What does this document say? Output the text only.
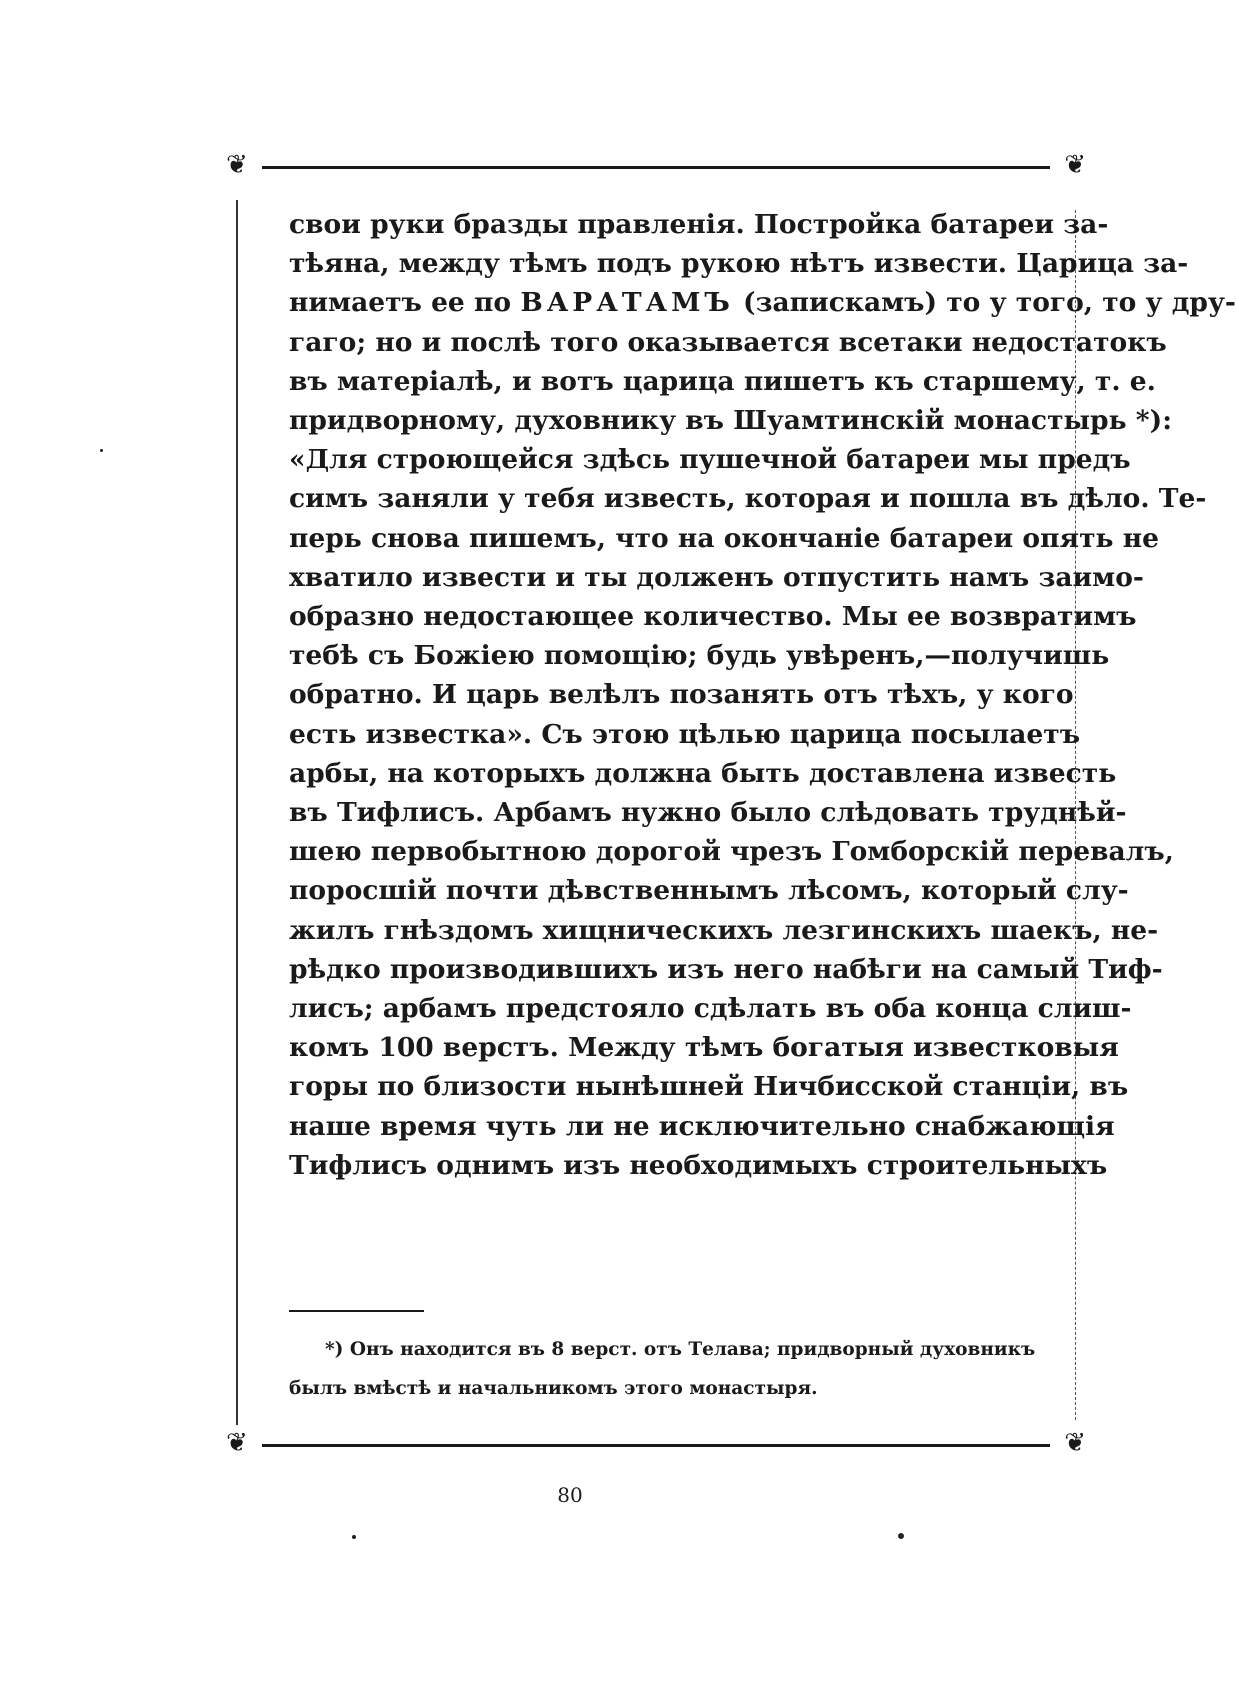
❦	❦
❦	❦
свои руки бразды правленія. Постройка батареи за-
тѣяна, между тѣмъ подъ рукою нѣтъ извести. Царица за-
нимаетъ ее по ВАРАТАМЪ (запискамъ) то у того, то у дру-
гаго; но и послѣ того оказывается всетаки недостатокъ
въ матеріалѣ, и вотъ царица пишетъ къ старшему, т. е.
придворному, духовнику въ Шуамтинскій монастырь *):
«Для строющейся здѣсь пушечной батареи мы предъ
симъ заняли у тебя известь, которая и пошла въ дѣло. Те-
перь снова пишемъ, что на окончаніе батареи опять не
хватило извести и ты долженъ отпустить намъ заимо-
образно недостающее количество. Мы ее возвратимъ
тебѣ съ Божіею помощію; будь увѣренъ,—получишь
обратно. И царь велѣлъ позанять отъ тѣхъ, у кого
есть известка». Съ этою цѣлью царица посылаетъ
арбы, на которыхъ должна быть доставлена известь
въ Тифлисъ. Арбамъ нужно было слѣдовать труднѣй-
шею первобытною дорогой чрезъ Гомборскій перевалъ,
поросшій почти дѣвственнымъ лѣсомъ, который слу-
жилъ гнѣздомъ хищническихъ лезгинскихъ шаекъ, не-
рѣдко производившихъ изъ него набѣги на самый Тиф-
лисъ; арбамъ предстояло сдѣлать въ оба конца слиш-
комъ 100 верстъ. Между тѣмъ богатыя известковыя
горы по близости нынѣшней Ничбисской станціи, въ
наше время чуть ли не исключительно снабжающія
Тифлисъ однимъ изъ необходимыхъ строительныхъ
*) Онъ находится въ 8 верст. отъ Телава; придворный духовникъ
былъ вмѣстѣ и начальникомъ этого монастыря.
80
